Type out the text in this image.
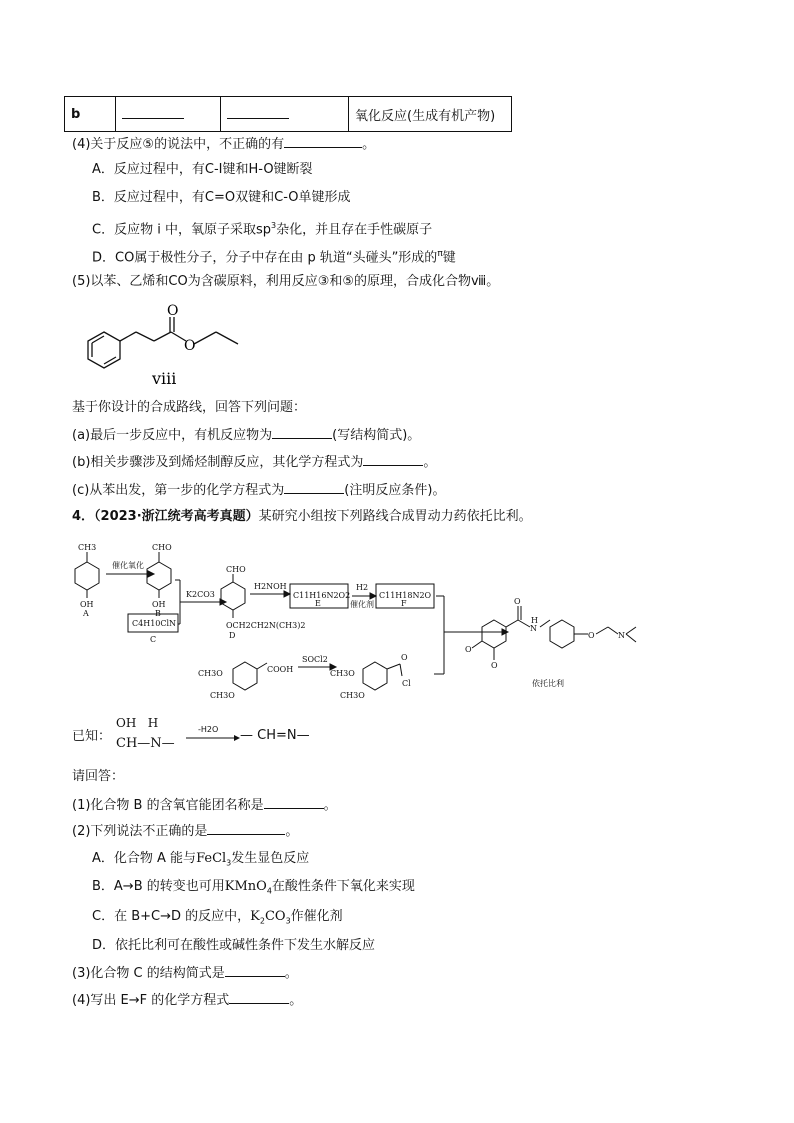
b			氧化反应(生成有机产物)
(4)关于反应⑤的说法中，不正确的有	。
A．反应过程中，有C-I键和H-O键断裂
B．反应过程中，有C=O双键和C-O单键形成
C．反应物 i 中，氧原子采取$sp^3$杂化，并且存在手性碳原子
D．CO属于极性分子，分子中存在由 p 轨道“头碰头”形成的$^\pi$键
(5)以苯、乙烯和CO为含碳原料，利用反应③和⑤的原理，合成化合物ⅷ。
O
O
viii
基于你设计的合成路线，回答下列问题：
(a)最后一步反应中，有机反应物为	(写结构简式)。
(b)相关步骤涉及到烯烃制醇反应，其化学方程式为	。
(c)从苯出发，第一步的化学方程式为	(注明反应条件)。
4．（2023·浙江统考高考真题）某研究小组按下列路线合成胃动力药依托比利。
CH3
OH
A
催化氧化
CHO
OH
B
C4H10ClN
C
K2CO3
CHO
OCH2CH2N(CH3)2
D
H2NOH
C11H16N2O2
E
H2
催化剂
C11H18N2O
F
CH3O
CH3O
COOH
SOCl2
CH3O
CH3O
O
Cl
O
N
H
O	N
O
O
依托比利
已知：
OH H
CH—N—
-H2O — CH=N—
请回答：
(1)化合物 B 的含氧官能团名称是	。
(2)下列说法不正确的是	。
A．化合物 A 能与FeCl$_3$发生显色反应
B．A→B 的转变也可用KMnO$_4$在酸性条件下氧化来实现
C．在 B+C→D 的反应中，$K_2CO_3$作催化剂
D．依托比利可在酸性或碱性条件下发生水解反应
(3)化合物 C 的结构简式是	。
(4)写出 E→F 的化学方程式	。
